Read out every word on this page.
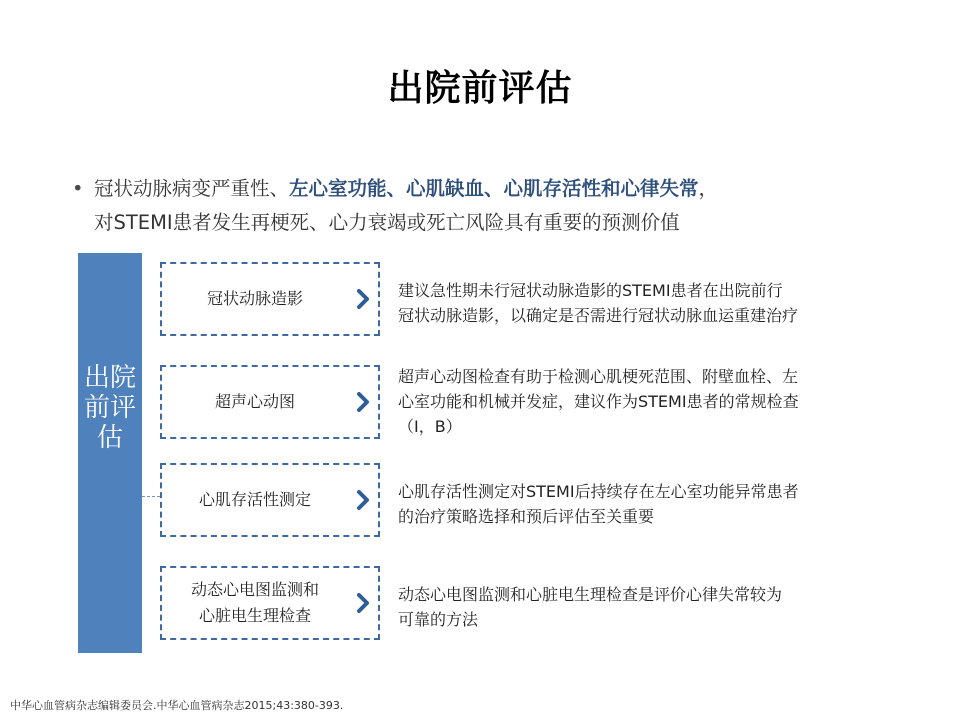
出院前评估
• 冠状动脉病变严重性、左心室功能、心肌缺血、心肌存活性和心律失常，
对STEMI患者发生再梗死、心力衰竭或死亡风险具有重要的预测价值
出院前评估
冠状动脉造影	建议急性期未行冠状动脉造影的STEMI患者在出院前行
冠状动脉造影，以确定是否需进行冠状动脉血运重建治疗
超声心动图
超声心动图检查有助于检测心肌梗死范围、附壁血栓、左
心室功能和机械并发症，建议作为STEMI患者的常规检查
（Ⅰ，B）
心肌存活性测定	心肌存活性测定对STEMI后持续存在左心室功能异常患者
的治疗策略选择和预后评估至关重要
动态心电图监测和
心脏电生理检查
动态心电图监测和心脏电生理检查是评价心律失常较为
可靠的方法
中华心血管病杂志编辑委员会.中华心血管病杂志2015;43:380-393.
